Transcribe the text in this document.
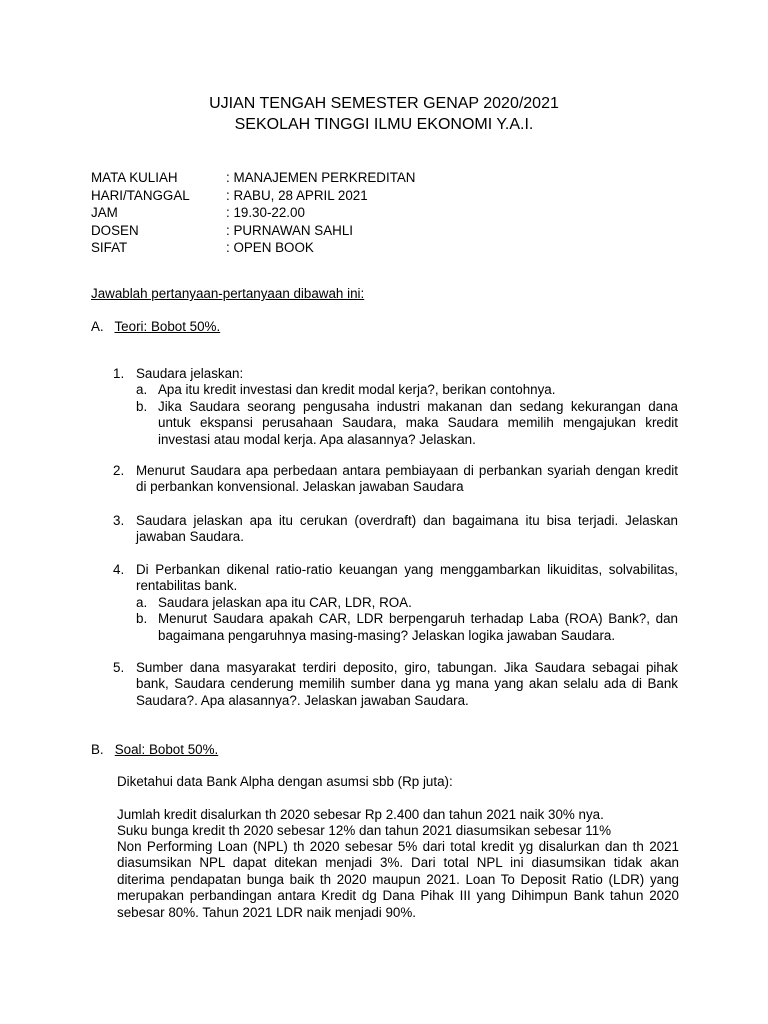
UJIAN TENGAH SEMESTER GENAP 2020/2021
SEKOLAH TINGGI ILMU EKONOMI Y.A.I.
MATA KULIAH	: MANAJEMEN PERKREDITAN
HARI/TANGGAL	: RABU, 28 APRIL 2021
JAM	: 19.30-22.00
DOSEN	: PURNAWAN SAHLI
SIFAT	: OPEN BOOK
Jawablah pertanyaan-pertanyaan dibawah ini:
A. Teori: Bobot 50%.
1. Saudara jelaskan:
a. Apa itu kredit investasi dan kredit modal kerja?, berikan contohnya.
b. Jika Saudara seorang pengusaha industri makanan dan sedang kekurangan dana untuk ekspansi perusahaan Saudara, maka Saudara memilih mengajukan kredit investasi atau modal kerja. Apa alasannya? Jelaskan.
2. Menurut Saudara apa perbedaan antara pembiayaan di perbankan syariah dengan kredit di perbankan konvensional. Jelaskan jawaban Saudara
3. Saudara jelaskan apa itu cerukan (overdraft) dan bagaimana itu bisa terjadi. Jelaskan jawaban Saudara.
4. Di Perbankan dikenal ratio-ratio keuangan yang menggambarkan likuiditas, solvabilitas, rentabilitas bank.
a. Saudara jelaskan apa itu CAR, LDR, ROA.
b. Menurut Saudara apakah CAR, LDR berpengaruh terhadap Laba (ROA) Bank?, dan bagaimana pengaruhnya masing-masing? Jelaskan logika jawaban Saudara.
5. Sumber dana masyarakat terdiri deposito, giro, tabungan. Jika Saudara sebagai pihak bank, Saudara cenderung memilih sumber dana yg mana yang akan selalu ada di Bank Saudara?. Apa alasannya?. Jelaskan jawaban Saudara.
B. Soal: Bobot 50%.
Diketahui data Bank Alpha dengan asumsi sbb (Rp juta):
Jumlah kredit disalurkan th 2020 sebesar Rp 2.400 dan tahun 2021 naik 30% nya.
Suku bunga kredit th 2020 sebesar 12% dan tahun 2021 diasumsikan sebesar 11%
Non Performing Loan (NPL) th 2020 sebesar 5% dari total kredit yg disalurkan dan th 2021 diasumsikan NPL dapat ditekan menjadi 3%. Dari total NPL ini diasumsikan tidak akan diterima pendapatan bunga baik th 2020 maupun 2021. Loan To Deposit Ratio (LDR) yang merupakan perbandingan antara Kredit dg Dana Pihak III yang Dihimpun Bank tahun 2020 sebesar 80%. Tahun 2021 LDR naik menjadi 90%.
